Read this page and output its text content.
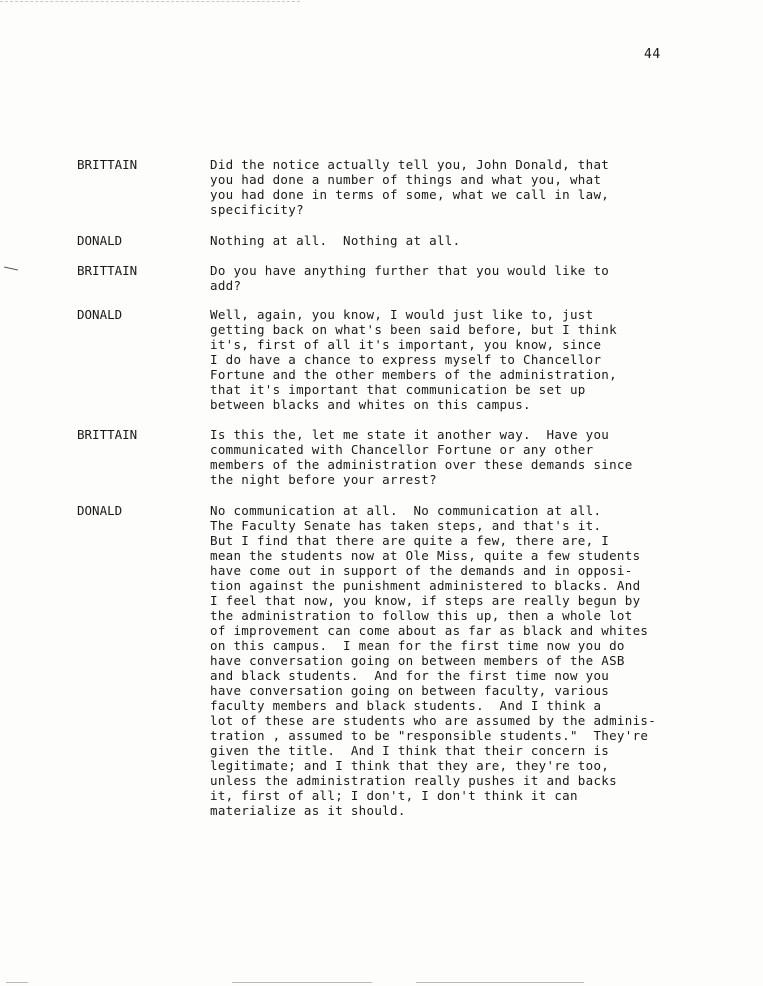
44
BRITTAIN	Did the notice actually tell you, John Donald, that
you had done a number of things and what you, what
you had done in terms of some, what we call in law,
specificity?
DONALD	Nothing at all.  Nothing at all.
BRITTAIN	Do you have anything further that you would like to
add?
DONALD	Well, again, you know, I would just like to, just
getting back on what's been said before, but I think
it's, first of all it's important, you know, since
I do have a chance to express myself to Chancellor
Fortune and the other members of the administration,
that it's important that communication be set up
between blacks and whites on this campus.
BRITTAIN	Is this the, let me state it another way.  Have you
communicated with Chancellor Fortune or any other
members of the administration over these demands since
the night before your arrest?
DONALD	No communication at all.  No communication at all.
The Faculty Senate has taken steps, and that's it.
But I find that there are quite a few, there are, I
mean the students now at Ole Miss, quite a few students
have come out in support of the demands and in opposi-
tion against the punishment administered to blacks. And
I feel that now, you know, if steps are really begun by
the administration to follow this up, then a whole lot
of improvement can come about as far as black and whites
on this campus.  I mean for the first time now you do
have conversation going on between members of the ASB
and black students.  And for the first time now you
have conversation going on between faculty, various
faculty members and black students.  And I think a
lot of these are students who are assumed by the adminis-
tration , assumed to be "responsible students."  They're
given the title.  And I think that their concern is
legitimate; and I think that they are, they're too,
unless the administration really pushes it and backs
it, first of all; I don't, I don't think it can
materialize as it should.
